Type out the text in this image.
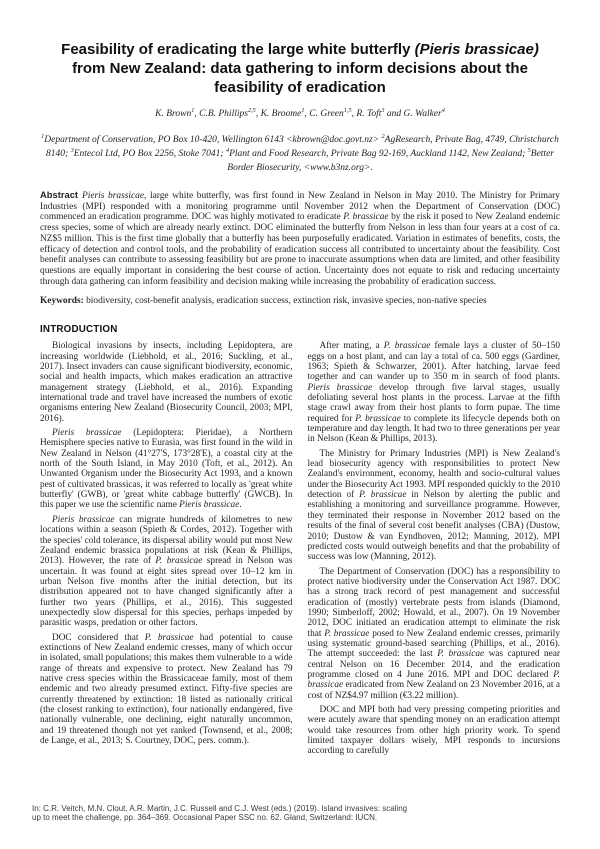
Feasibility of eradicating the large white butterfly (Pieris brassicae)
from New Zealand: data gathering to inform decisions about the
feasibility of eradication
K. Brown$^1$, C.B. Phillips$^{2,5}$, K. Broome$^1$, C. Green$^{1,5}$, R. Toft$^3$ and G. Walker$^4$
$^1$Department of Conservation, PO Box 10-420, Wellington 6143 <kbrown@doc.govt.nz> $^2$AgResearch, Private Bag, 4749, Christchurch 8140; $^3$Entecol Ltd, PO Box 2256, Stoke 7041; $^4$Plant and Food Research, Private Bag 92-169, Auckland 1142, New Zealand; $^5$Better Border Biosecurity, <www.b3nz.org>.
Abstract Pieris brassicae, large white butterfly, was first found in New Zealand in Nelson in May 2010. The Ministry for Primary Industries (MPI) responded with a monitoring programme until November 2012 when the Department of Conservation (DOC) commenced an eradication programme. DOC was highly motivated to eradicate P. brassicae by the risk it posed to New Zealand endemic cress species, some of which are already nearly extinct. DOC eliminated the butterfly from Nelson in less than four years at a cost of ca. NZ$5 million. This is the first time globally that a butterfly has been purposefully eradicated. Variation in estimates of benefits, costs, the efficacy of detection and control tools, and the probability of eradication success all contributed to uncertainty about the feasibility. Cost benefit analyses can contribute to assessing feasibility but are prone to inaccurate assumptions when data are limited, and other feasibility questions are equally important in considering the best course of action. Uncertainty does not equate to risk and reducing uncertainty through data gathering can inform feasibility and decision making while increasing the probability of eradication success.
Keywords: biodiversity, cost-benefit analysis, eradication success, extinction risk, invasive species, non-native species
INTRODUCTION

Biological invasions by insects, including Lepidoptera, are increasing worldwide (Liebhold, et al., 2016; Suckling, et al., 2017). Insect invaders can cause significant biodiversity, economic, social and health impacts, which makes eradication an attractive management strategy (Liebhold, et al., 2016). Expanding international trade and travel have increased the numbers of exotic organisms entering New Zealand (Biosecurity Council, 2003; MPI, 2016).

Pieris brassicae (Lepidoptera: Pieridae), a Northern Hemisphere species native to Eurasia, was first found in the wild in New Zealand in Nelson (41°27'S, 173°28'E), a coastal city at the north of the South Island, in May 2010 (Toft, et al., 2012). An Unwanted Organism under the Biosecurity Act 1993, and a known pest of cultivated brassicas, it was referred to locally as 'great white butterfly' (GWB), or 'great white cabbage butterfly' (GWCB). In this paper we use the scientific name Pieris brassicae.

Pieris brassicae can migrate hundreds of kilometres to new locations within a season (Spieth & Cordes, 2012). Together with the species' cold tolerance, its dispersal ability would put most New Zealand endemic brassica populations at risk (Kean & Phillips, 2013). However, the rate of P. brassicae spread in Nelson was uncertain. It was found at eight sites spread over 10–12 km in urban Nelson five months after the initial detection, but its distribution appeared not to have changed significantly after a further two years (Phillips, et al., 2016). This suggested unexpectedly slow dispersal for this species, perhaps impeded by parasitic wasps, predation or other factors.

DOC considered that P. brassicae had potential to cause extinctions of New Zealand endemic cresses, many of which occur in isolated, small populations; this makes them vulnerable to a wide range of threats and expensive to protect. New Zealand has 79 native cress species within the Brassicaceae family, most of them endemic and two already presumed extinct. Fifty-five species are currently threatened by extinction: 18 listed as nationally critical (the closest ranking to extinction), four nationally endangered, five nationally vulnerable, one declining, eight naturally uncommon, and 19 threatened though not yet ranked (Townsend, et al., 2008; de Lange, et al., 2013; S. Courtney, DOC, pers. comm.).

After mating, a P. brassicae female lays a cluster of 50–150 eggs on a host plant, and can lay a total of ca. 500 eggs (Gardiner, 1963; Spieth & Schwarzer, 2001). After hatching, larvae feed together and can wander up to 350 m in search of food plants. Pieris brassicae develop through five larval stages, usually defoliating several host plants in the process. Larvae at the fifth stage crawl away from their host plants to form pupae. The time required for P. brassicae to complete its lifecycle depends both on temperature and day length. It had two to three generations per year in Nelson (Kean & Phillips, 2013).

The Ministry for Primary Industries (MPI) is New Zealand's lead biosecurity agency with responsibilities to protect New Zealand's environment, economy, health and socio-cultural values under the Biosecurity Act 1993. MPI responded quickly to the 2010 detection of P. brassicae in Nelson by alerting the public and establishing a monitoring and surveillance programme. However, they terminated their response in November 2012 based on the results of the final of several cost benefit analyses (CBA) (Dustow, 2010; Dustow & van Eyndhoven, 2012; Manning, 2012). MPI predicted costs would outweigh benefits and that the probability of success was low (Manning, 2012).

The Department of Conservation (DOC) has a responsibility to protect native biodiversity under the Conservation Act 1987. DOC has a strong track record of pest management and successful eradication of (mostly) vertebrate pests from islands (Diamond, 1990; Simberloff, 2002; Howald, et al., 2007). On 19 November 2012, DOC initiated an eradication attempt to eliminate the risk that P. brassicae posed to New Zealand endemic cresses, primarily using systematic ground-based searching (Phillips, et al., 2016). The attempt succeeded: the last P. brassicae was captured near central Nelson on 16 December 2014, and the eradication programme closed on 4 June 2016. MPI and DOC declared P. brassicae eradicated from New Zealand on 23 November 2016, at a cost of NZ$4.97 million (€3.22 million).

DOC and MPI both had very pressing competing priorities and were acutely aware that spending money on an eradication attempt would take resources from other high priority work. To spend limited taxpayer dollars wisely, MPI responds to incursions according to carefully

In: C.R. Veitch, M.N. Clout, A.R. Martin, J.C. Russell and C.J. West (eds.) (2019). Island invasives: scaling
up to meet the challenge, pp. 364–369. Occasional Paper SSC no. 62. Gland, Switzerland: IUCN.
